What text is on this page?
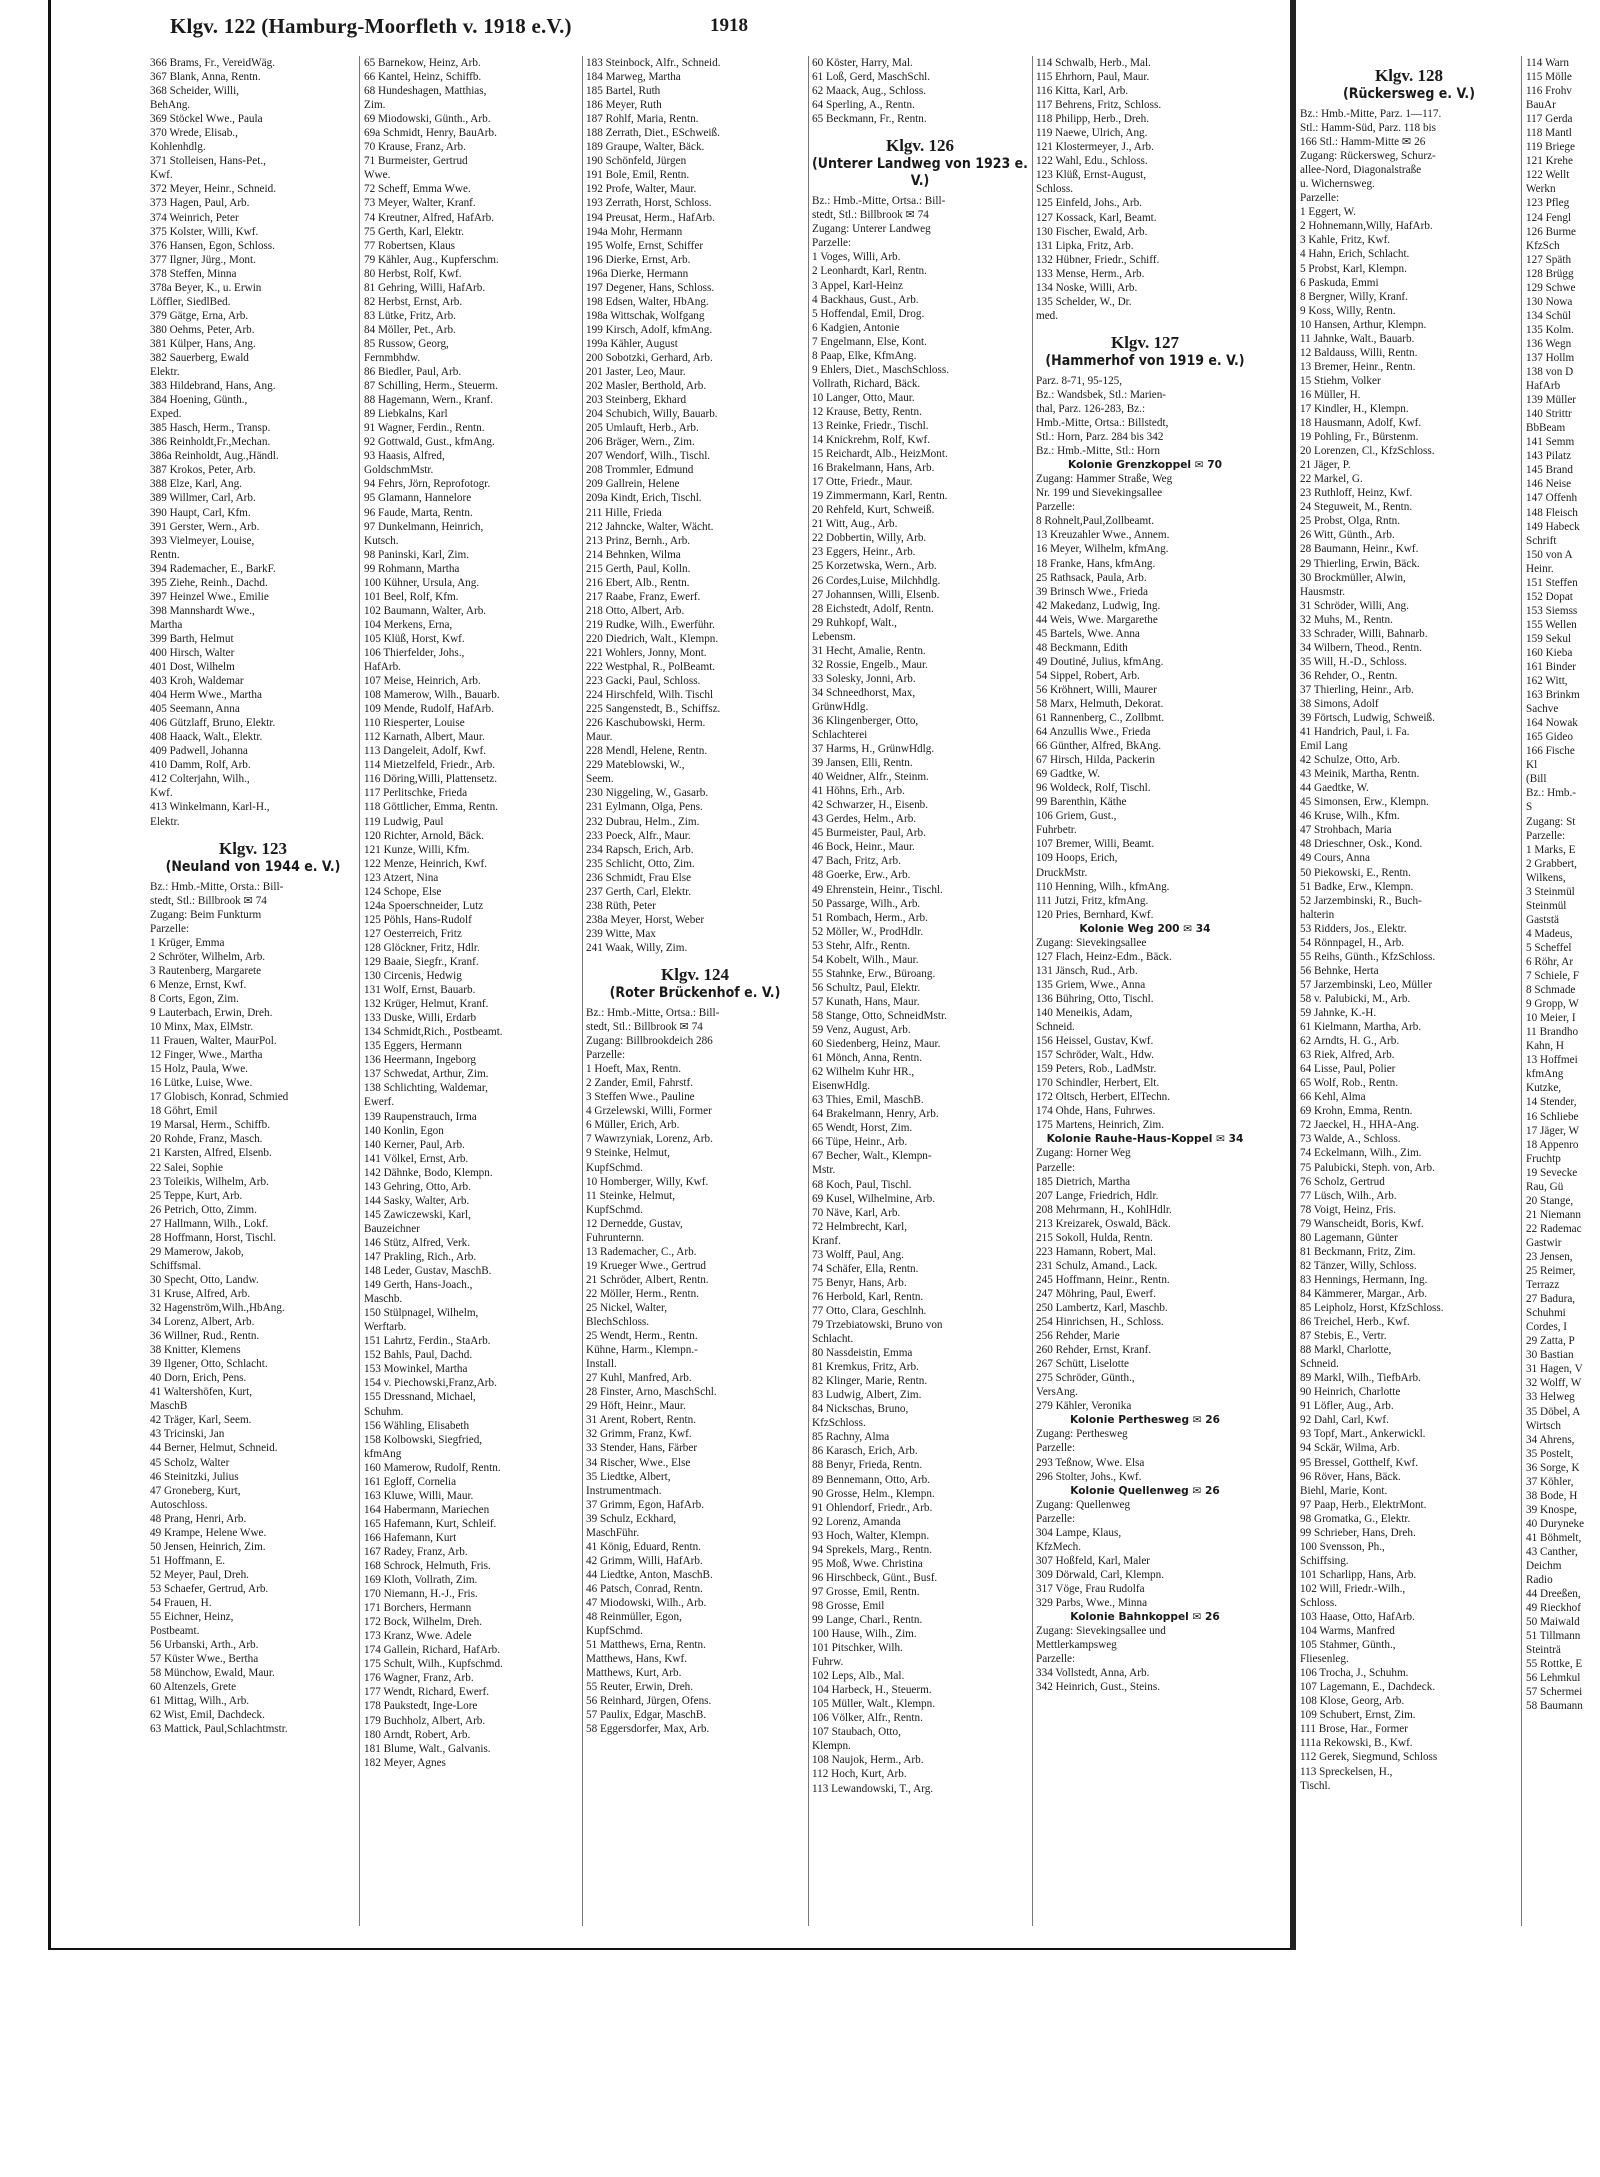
Klgv. 122 (Hamburg-Moorfleth v. 1918 e.V.)	1918
366 Brams, Fr., VereidWäg.
367 Blank, Anna, Rentn.
368 Scheider, Willi,
BehAng.
369 Stöckel Wwe., Paula
370 Wrede, Elisab.,
Kohlenhdlg.
371 Stolleisen, Hans-Pet.,
Kwf.
372 Meyer, Heinr., Schneid.
373 Hagen, Paul, Arb.
374 Weinrich, Peter
375 Kolster, Willi, Kwf.
376 Hansen, Egon, Schloss.
377 Ilgner, Jürg., Mont.
378 Steffen, Minna
378a Beyer, K., u. Erwin
Löffler, SiedlBed.
379 Gätge, Erna, Arb.
380 Oehms, Peter, Arb.
381 Külper, Hans, Ang.
382 Sauerberg, Ewald
Elektr.
383 Hildebrand, Hans, Ang.
384 Hoening, Günth.,
Exped.
385 Hasch, Herm., Transp.
386 Reinholdt,Fr.,Mechan.
386a Reinholdt, Aug.,Händl.
387 Krokos, Peter, Arb.
388 Elze, Karl, Ang.
389 Willmer, Carl, Arb.
390 Haupt, Carl, Kfm.
391 Gerster, Wern., Arb.
393 Vielmeyer, Louise,
Rentn.
394 Rademacher, E., BarkF.
395 Ziehe, Reinh., Dachd.
397 Heinzel Wwe., Emilie
398 Mannshardt Wwe.,
Martha
399 Barth, Helmut
400 Hirsch, Walter
401 Dost, Wilhelm
403 Kroh, Waldemar
404 Herm Wwe., Martha
405 Seemann, Anna
406 Gützlaff, Bruno, Elektr.
408 Haack, Walt., Elektr.
409 Padwell, Johanna
410 Damm, Rolf, Arb.
412 Colterjahn, Wilh.,
Kwf.
413 Winkelmann, Karl-H.,
Elektr.
Klgv. 123
(Neuland von 1944 e. V.)
Bz.: Hmb.-Mitte, Orsta.: Bill-
stedt, Stl.: Billbrook ✉ 74
Zugang: Beim Funkturm
Parzelle:
1 Krüger, Emma
2 Schröter, Wilhelm, Arb.
3 Rautenberg, Margarete
6 Menze, Ernst, Kwf.
8 Corts, Egon, Zim.
9 Lauterbach, Erwin, Dreh.
10 Minx, Max, ElMstr.
11 Frauen, Walter, MaurPol.
12 Finger, Wwe., Martha
15 Holz, Paula, Wwe.
16 Lütke, Luise, Wwe.
17 Globisch, Konrad, Schmied
18 Göhrt, Emil
19 Marsal, Herm., Schiffb.
20 Rohde, Franz, Masch.
21 Karsten, Alfred, Elsenb.
22 Salei, Sophie
23 Toleikis, Wilhelm, Arb.
25 Teppe, Kurt, Arb.
26 Petrich, Otto, Zimm.
27 Hallmann, Wilh., Lokf.
28 Hoffmann, Horst, Tischl.
29 Mamerow, Jakob,
Schiffsmal.
30 Specht, Otto, Landw.
31 Kruse, Alfred, Arb.
32 Hagenström,Wilh.,HbAng.
34 Lorenz, Albert, Arb.
36 Willner, Rud., Rentn.
38 Knitter, Klemens
39 Ilgener, Otto, Schlacht.
40 Dorn, Erich, Pens.
41 Waltershöfen, Kurt,
MaschB
42 Träger, Karl, Seem.
43 Tricinski, Jan
44 Berner, Helmut, Schneid.
45 Scholz, Walter
46 Steinitzki, Julius
47 Groneberg, Kurt,
Autoschloss.
48 Prang, Henri, Arb.
49 Krampe, Helene Wwe.
50 Jensen, Heinrich, Zim.
51 Hoffmann, E.
52 Meyer, Paul, Dreh.
53 Schaefer, Gertrud, Arb.
54 Frauen, H.
55 Eichner, Heinz,
Postbeamt.
56 Urbanski, Arth., Arb.
57 Küster Wwe., Bertha
58 Münchow, Ewald, Maur.
60 Altenzels, Grete
61 Mittag, Wilh., Arb.
62 Wist, Emil, Dachdeck.
63 Mattick, Paul,Schlachtmstr.
65 Barnekow, Heinz, Arb.
66 Kantel, Heinz, Schiffb.
68 Hundeshagen, Matthias,
Zim.
69 Miodowski, Günth., Arb.
69a Schmidt, Henry, BauArb.
70 Krause, Franz, Arb.
71 Burmeister, Gertrud
Wwe.
72 Scheff, Emma Wwe.
73 Meyer, Walter, Kranf.
74 Kreutner, Alfred, HafArb.
75 Gerth, Karl, Elektr.
77 Robertsen, Klaus
79 Kähler, Aug., Kupferschm.
80 Herbst, Rolf, Kwf.
81 Gehring, Willi, HafArb.
82 Herbst, Ernst, Arb.
83 Lütke, Fritz, Arb.
84 Möller, Pet., Arb.
85 Russow, Georg,
Fernmbhdw.
86 Biedler, Paul, Arb.
87 Schilling, Herm., Steuerm.
88 Hagemann, Wern., Kranf.
89 Liebkalns, Karl
91 Wagner, Ferdin., Rentn.
92 Gottwald, Gust., kfmAng.
93 Haasis, Alfred,
GoldschmMstr.
94 Fehrs, Jörn, Reprofotogr.
95 Glamann, Hannelore
96 Faude, Marta, Rentn.
97 Dunkelmann, Heinrich,
Kutsch.
98 Paninski, Karl, Zim.
99 Rohmann, Martha
100 Kühner, Ursula, Ang.
101 Beel, Rolf, Kfm.
102 Baumann, Walter, Arb.
104 Merkens, Erna,
105 Klüß, Horst, Kwf.
106 Thierfelder, Johs.,
HafArb.
107 Meise, Heinrich, Arb.
108 Mamerow, Wilh., Bauarb.
109 Mende, Rudolf, HafArb.
110 Riesperter, Louise
112 Karnath, Albert, Maur.
113 Dangeleit, Adolf, Kwf.
114 Mietzelfeld, Friedr., Arb.
116 Döring,Willi, Plattensetz.
117 Perlitschke, Frieda
118 Göttlicher, Emma, Rentn.
119 Ludwig, Paul
120 Richter, Arnold, Bäck.
121 Kunze, Willi, Kfm.
122 Menze, Heinrich, Kwf.
123 Atzert, Nina
124 Schope, Else
124a Spoerschneider, Lutz
125 Pöhls, Hans-Rudolf
127 Oesterreich, Fritz
128 Glöckner, Fritz, Hdlr.
129 Baaie, Siegfr., Kranf.
130 Circenis, Hedwig
131 Wolf, Ernst, Bauarb.
132 Krüger, Helmut, Kranf.
133 Duske, Willi, Erdarb
134 Schmidt,Rich., Postbeamt.
135 Eggers, Hermann
136 Heermann, Ingeborg
137 Schwedat, Arthur, Zim.
138 Schlichting, Waldemar,
Ewerf.
139 Raupenstrauch, Irma
140 Konlin, Egon
140 Kerner, Paul, Arb.
141 Völkel, Ernst, Arb.
142 Dähnke, Bodo, Klempn.
143 Gehring, Otto, Arb.
144 Sasky, Walter, Arb.
145 Zawiczewski, Karl,
Bauzeichner
146 Stütz, Alfred, Verk.
147 Prakling, Rich., Arb.
148 Leder, Gustav, MaschB.
149 Gerth, Hans-Joach.,
Maschb.
150 Stülpnagel, Wilhelm,
Werftarb.
151 Lahrtz, Ferdin., StaArb.
152 Bahls, Paul, Dachd.
153 Mowinkel, Martha
154 v. Piechowski,Franz,Arb.
155 Dressnand, Michael,
Schuhm.
156 Wähling, Elisabeth
158 Kolbowski, Siegfried,
kfmAng
160 Mamerow, Rudolf, Rentn.
161 Egloff, Cornelia
163 Kluwe, Willi, Maur.
164 Habermann, Mariechen
165 Hafemann, Kurt, Schleif.
166 Hafemann, Kurt
167 Radey, Franz, Arb.
168 Schrock, Helmuth, Fris.
169 Kloth, Vollrath, Zim.
170 Niemann, H.-J., Fris.
171 Borchers, Hermann
172 Bock, Wilhelm, Dreh.
173 Kranz, Wwe. Adele
174 Gallein, Richard, HafArb.
175 Schult, Wilh., Kupfschmd.
176 Wagner, Franz, Arb.
177 Wendt, Richard, Ewerf.
178 Paukstedt, Inge-Lore
179 Buchholz, Albert, Arb.
180 Arndt, Robert, Arb.
181 Blume, Walt., Galvanis.
182 Meyer, Agnes
183 Steinbock, Alfr., Schneid.
184 Marweg, Martha
185 Bartel, Ruth
186 Meyer, Ruth
187 Rohlf, Maria, Rentn.
188 Zerrath, Diet., ESchweiß.
189 Graupe, Walter, Bäck.
190 Schönfeld, Jürgen
191 Bole, Emil, Rentn.
192 Profe, Walter, Maur.
193 Zerrath, Horst, Schloss.
194 Preusat, Herm., HafArb.
194a Mohr, Hermann
195 Wolfe, Ernst, Schiffer
196 Dierke, Ernst, Arb.
196a Dierke, Hermann
197 Degener, Hans, Schloss.
198 Edsen, Walter, HbAng.
198a Wittschak, Wolfgang
199 Kirsch, Adolf, kfmAng.
199a Kähler, August
200 Sobotzki, Gerhard, Arb.
201 Jaster, Leo, Maur.
202 Masler, Berthold, Arb.
203 Steinberg, Ekhard
204 Schubich, Willy, Bauarb.
205 Umlauft, Herb., Arb.
206 Bräger, Wern., Zim.
207 Wendorf, Wilh., Tischl.
208 Trommler, Edmund
209 Gallrein, Helene
209a Kindt, Erich, Tischl.
211 Hille, Frieda
212 Jahncke, Walter, Wächt.
213 Prinz, Bernh., Arb.
214 Behnken, Wilma
215 Gerth, Paul, Kolln.
216 Ebert, Alb., Rentn.
217 Raabe, Franz, Ewerf.
218 Otto, Albert, Arb.
219 Rudke, Wilh., Ewerführ.
220 Diedrich, Walt., Klempn.
221 Wohlers, Jonny, Mont.
222 Westphal, R., PolBeamt.
223 Gacki, Paul, Schloss.
224 Hirschfeld, Wilh. Tischl
225 Sangenstedt, B., Schiffsz.
226 Kaschubowski, Herm.
Maur.
228 Mendl, Helene, Rentn.
229 Mateblowski, W.,
Seem.
230 Niggeling, W., Gasarb.
231 Eylmann, Olga, Pens.
232 Dubrau, Helm., Zim.
233 Poeck, Alfr., Maur.
234 Rapsch, Erich, Arb.
235 Schlicht, Otto, Zim.
236 Schmidt, Frau Else
237 Gerth, Carl, Elektr.
238 Rüth, Peter
238a Meyer, Horst, Weber
239 Witte, Max
241 Waak, Willy, Zim.
Klgv. 124
(Roter Brückenhof e. V.)
Bz.: Hmb.-Mitte, Ortsa.: Bill-
stedt, Stl.: Billbrook ✉ 74
Zugang: Billbrookdeich 286
Parzelle:
1 Hoeft, Max, Rentn.
2 Zander, Emil, Fahrstf.
3 Steffen Wwe., Pauline
4 Grzelewski, Willi, Former
6 Müller, Erich, Arb.
7 Wawrzyniak, Lorenz, Arb.
9 Steinke, Helmut,
KupfSchmd.
10 Homberger, Willy, Kwf.
11 Steinke, Helmut,
KupfSchmd.
12 Derneddе, Gustav,
Fuhrunternn.
13 Rademacher, C., Arb.
19 Krueger Wwe., Gertrud
21 Schröder, Albert, Rentn.
22 Möller, Herm., Rentn.
25 Nickel, Walter,
BlechSchloss.
25 Wendt, Herm., Rentn.
Kühne, Harm., Klempn.-
Install.
27 Kuhl, Manfred, Arb.
28 Finster, Arno, MaschSchl.
29 Höft, Heinr., Maur.
31 Arent, Robert, Rentn.
32 Grimm, Franz, Kwf.
33 Stender, Hans, Färber
34 Rischer, Wwe., Else
35 Liedtke, Albert,
Instrumentmach.
37 Grimm, Egon, HafArb.
39 Schulz, Eckhard,
MaschFühr.
41 König, Eduard, Rentn.
42 Grimm, Willi, HafArb.
44 Liedtke, Anton, MaschB.
46 Patsch, Conrad, Rentn.
47 Miodowski, Wilh., Arb.
48 Reinmüller, Egon,
KupfSchmd.
51 Matthews, Erna, Rentn.
Matthews, Hans, Kwf.
Matthews, Kurt, Arb.
55 Reuter, Erwin, Dreh.
56 Reinhard, Jürgen, Ofens.
57 Paulix, Edgar, MaschB.
58 Eggersdorfer, Max, Arb.
60 Köster, Harry, Mal.
61 Loß, Gerd, MaschSchl.
62 Maack, Aug., Schloss.
64 Sperling, A., Rentn.
65 Beckmann, Fr., Rentn.
Klgv. 126
(Unterer Landweg von 1923 e. V.)
Bz.: Hmb.-Mitte, Ortsa.: Bill-
stedt, Stl.: Billbrook ✉ 74
Zugang: Unterer Landweg
Parzelle:
1 Voges, Willi, Arb.
2 Leonhardt, Karl, Rentn.
3 Appel, Karl-Heinz
4 Backhaus, Gust., Arb.
5 Hoffendal, Emil, Drog.
6 Kadgien, Antonie
7 Engelmann, Else, Kont.
8 Paap, Elke, KfmAng.
9 Ehlers, Diet., MaschSchloss.
Vollrath, Richard, Bäck.
10 Langer, Otto, Maur.
12 Krause, Betty, Rentn.
13 Reinke, Friedr., Tischl.
14 Knickrehm, Rolf, Kwf.
15 Reichardt, Alb., HeizMont.
16 Brakelmann, Hans, Arb.
17 Otte, Friedr., Maur.
19 Zimmermann, Karl, Rentn.
20 Rehfeld, Kurt, Schweiß.
21 Witt, Aug., Arb.
22 Dobbertin, Willy, Arb.
23 Eggers, Heinr., Arb.
25 Korzetwska, Wern., Arb.
26 Cordes,Luise, Milchhdlg.
27 Johannsen, Willi, Elsenb.
28 Eichstedt, Adolf, Rentn.
29 Ruhkopf, Walt.,
Lebensm.
31 Hecht, Amalie, Rentn.
32 Rossie, Engelb., Maur.
33 Solesky, Jonni, Arb.
34 Schneedhorst, Max,
GrünwHdlg.
36 Klingenberger, Otto,
Schlachterei
37 Harms, H., GrünwHdlg.
39 Jansen, Elli, Rentn.
40 Weidner, Alfr., Steinm.
41 Höhns, Erh., Arb.
42 Schwarzer, H., Eisenb.
43 Gerdes, Helm., Arb.
45 Burmeister, Paul, Arb.
46 Bock, Heinr., Maur.
47 Bach, Fritz, Arb.
48 Goerke, Erw., Arb.
49 Ehrenstein, Heinr., Tischl.
50 Passarge, Wilh., Arb.
51 Rombach, Herm., Arb.
52 Möller, W., ProdHdlr.
53 Stehr, Alfr., Rentn.
54 Kobelt, Wilh., Maur.
55 Stahnke, Erw., Büroang.
56 Schultz, Paul, Elektr.
57 Kunath, Hans, Maur.
58 Stange, Otto, SchneidMstr.
59 Venz, August, Arb.
60 Siedenberg, Heinz, Maur.
61 Mönch, Anna, Rentn.
62 Wilhelm Kuhr HR.,
EisenwHdlg.
63 Thies, Emil, MaschB.
64 Brakelmann, Henry, Arb.
65 Wendt, Horst, Zim.
66 Tüpe, Heinr., Arb.
67 Becher, Walt., Klempn-
Mstr.
68 Koch, Paul, Tischl.
69 Kusel, Wilhelmine, Arb.
70 Nävе, Karl, Arb.
72 Helmbrecht, Karl,
Kranf.
73 Wolff, Paul, Ang.
74 Schäfer, Ella, Rentn.
75 Benyr, Hans, Arb.
76 Herbold, Karl, Rentn.
77 Otto, Clara, Geschlnh.
79 Trzebiatowski, Bruno von
Schlacht.
80 Nassdeistin, Emma
81 Kremkus, Fritz, Arb.
82 Klinger, Marie, Rentn.
83 Ludwig, Albert, Zim.
84 Nickschas, Bruno,
KfzSchloss.
85 Rachny, Alma
86 Karasch, Erich, Arb.
88 Benyr, Frieda, Rentn.
89 Bennemann, Otto, Arb.
90 Grosse, Helm., Klempn.
91 Ohlendorf, Friedr., Arb.
92 Lorenz, Amanda
93 Hoch, Walter, Klempn.
94 Sprekels, Marg., Rentn.
95 Moß, Wwe. Christina
96 Hirschbeck, Günt., Busf.
97 Grosse, Emil, Rentn.
98 Grosse, Emil
99 Lange, Charl., Rentn.
100 Hause, Wilh., Zim.
101 Pitschker, Wilh.
Fuhrw.
102 Leps, Alb., Mal.
104 Harbeck, H., Steuerm.
105 Müller, Walt., Klempn.
106 Völker, Alfr., Rentn.
107 Staubach, Otto,
Klempn.
108 Naujok, Herm., Arb.
112 Hoch, Kurt, Arb.
113 Lewandowski, T., Arg.
114 Schwalb, Herb., Mal.
115 Ehrhorn, Paul, Maur.
116 Kitta, Karl, Arb.
117 Behrens, Fritz, Schloss.
118 Philipp, Herb., Dreh.
119 Naewe, Ulrich, Ang.
121 Klostermeyer, J., Arb.
122 Wahl, Edu., Schloss.
123 Klüß, Ernst-August,
Schloss.
125 Einfeld, Johs., Arb.
127 Kossack, Karl, Beamt.
130 Fischer, Ewald, Arb.
131 Lipka, Fritz, Arb.
132 Hübner, Friedr., Schiff.
133 Mense, Herm., Arb.
134 Noske, Willi, Arb.
135 Schelder, W., Dr.
med.
Klgv. 127
(Hammerhof von 1919 e. V.)
Parz. 8-71, 95-125,
Bz.: Wandsbek, Stl.: Marien-
thal, Parz. 126-283, Bz.:
Hmb.-Mitte, Ortsa.: Billstedt,
Stl.: Horn, Parz. 284 bis 342
Bz.: Hmb.-Mitte, Stl.: Horn
Kolonie Grenzkoppel ✉ 70
Zugang: Hammer Straße, Weg
Nr. 199 und Sievekingsallee
Parzelle:
8 Rohnelt,Paul,Zollbeamt.
13 Kreuzahler Wwe., Annem.
16 Meyer, Wilhelm, kfmAng.
18 Franke, Hans, kfmAng.
25 Rathsack, Paula, Arb.
39 Brinsch Wwe., Frieda
42 Makedanz, Ludwig, Ing.
44 Weis, Wwe. Margarethe
45 Bartels, Wwe. Anna
48 Beckmann, Edith
49 Doutiné, Julius, kfmAng.
54 Sippel, Robert, Arb.
56 Kröhnert, Willi, Maurer
58 Marx, Helmuth, Dekorat.
61 Rannenberg, C., Zollbmt.
64 Anzullis Wwe., Frieda
66 Günther, Alfred, BkAng.
67 Hirsch, Hilda, Packerin
69 Gadtke, W.
96 Woldeck, Rolf, Tischl.
99 Barenthin, Käthe
106 Griem, Gust.,
Fuhrbetr.
107 Bremer, Willi, Beamt.
109 Hoops, Erich,
DruckMstr.
110 Henning, Wilh., kfmAng.
111 Jutzi, Fritz, kfmAng.
120 Pries, Bernhard, Kwf.
Kolonie Weg 200 ✉ 34
Zugang: Sievekingsallee
127 Flach, Heinz-Edm., Bäck.
131 Jänsch, Rud., Arb.
135 Griem, Wwe., Anna
136 Bühring, Otto, Tischl.
140 Meneikis, Adam,
Schneid.
156 Heissel, Gustav, Kwf.
157 Schröder, Walt., Hdw.
159 Peters, Rob., LadMstr.
170 Schindler, Herbert, Elt.
172 Oltsch, Herbert, ElTechn.
174 Ohde, Hans, Fuhrwes.
175 Martens, Heinrich, Zim.
Kolonie Rauhe-Haus-Koppel ✉ 34
Zugang: Horner Weg
Parzelle:
185 Dietrich, Martha
207 Lange, Friedrich, Hdlr.
208 Mehrmann, H., KohlHdlr.
213 Kreizarek, Oswald, Bäck.
215 Sokoll, Hulda, Rentn.
223 Hamann, Robert, Mal.
231 Schulz, Amand., Lack.
245 Hoffmann, Heinr., Rentn.
247 Möhring, Paul, Ewerf.
250 Lambertz, Karl, Maschb.
254 Hinrichsen, H., Schloss.
256 Rehder, Marie
260 Rehder, Ernst, Kranf.
267 Schütt, Liselotte
275 Schröder, Günth.,
VersAng.
279 Kähler, Veronika
Kolonie Perthesweg ✉ 26
Zugang: Perthesweg
Parzelle:
293 Teßnow, Wwe. Elsa
296 Stolter, Johs., Kwf.
Kolonie Quellenweg ✉ 26
Zugang: Quellenweg
Parzelle:
304 Lampe, Klaus,
KfzMech.
307 Hoßfeld, Karl, Maler
309 Dörwald, Carl, Klempn.
317 Vöge, Frau Rudolfa
329 Parbs, Wwe., Minna
Kolonie Bahnkoppel ✉ 26
Zugang: Sievekingsallee und
Mettlerkampsweg
Parzelle:
334 Vollstedt, Anna, Arb.
342 Heinrich, Gust., Steins.
Klgv. 128
(Rückersweg e. V.)
Bz.: Hmb.-Mitte, Parz. 1—117.
Stl.: Hamm-Süd, Parz. 118 bis
166 Stl.: Hamm-Mitte ✉ 26
Zugang: Rückersweg, Schurz-
allee-Nord, Diagonalstraße
u. Wichernsweg.
Parzelle:
1 Eggert, W.
2 Hohnemann,Willy, HafArb.
3 Kahle, Fritz, Kwf.
4 Hahn, Erich, Schlacht.
5 Probst, Karl, Klempn.
6 Paskuda, Emmi
8 Bergner, Willy, Kranf.
9 Koss, Willy, Rentn.
10 Hansen, Arthur, Klempn.
11 Jahnke, Walt., Bauarb.
12 Baldauss, Willi, Rentn.
13 Bremer, Heinr., Rentn.
15 Stiehm, Volker
16 Müller, H.
17 Kindler, H., Klempn.
18 Hausmann, Adolf, Kwf.
19 Pohling, Fr., Bürstenm.
20 Lorenzen, Cl., KfzSchloss.
21 Jäger, P.
22 Markel, G.
23 Ruthloff, Heinz, Kwf.
24 Steguweit, M., Rentn.
25 Probst, Olga, Rntn.
26 Witt, Günth., Arb.
28 Baumann, Heinr., Kwf.
29 Thierling, Erwin, Bäck.
30 Brockmüller, Alwin,
Hausmstr.
31 Schröder, Willi, Ang.
32 Muhs, M., Rentn.
33 Schrader, Willi, Bahnarb.
34 Wilbern, Theod., Rentn.
35 Will, H.-D., Schloss.
36 Rehder, O., Rentn.
37 Thierling, Heinr., Arb.
38 Simons, Adolf
39 Förtsch, Ludwig, Schweiß.
41 Handrich, Paul, i. Fa.
Emil Lang
42 Schulze, Otto, Arb.
43 Meinik, Martha, Rentn.
44 Gaedtke, W.
45 Simonsen, Erw., Klempn.
46 Kruse, Wilh., Kfm.
47 Strohbach, Maria
48 Driesсhner, Osk., Kond.
49 Cours, Anna
50 Piekowski, E., Rentn.
51 Badke, Erw., Klempn.
52 Jarzembinski, R., Buch-
halterin
53 Ridders, Jos., Elektr.
54 Rönnpagel, H., Arb.
55 Reihs, Günth., KfzSchloss.
56 Behnke, Herta
57 Jarzembinski, Leo, Müller
58 v. Palubicki, M., Arb.
59 Jahnke, K.-H.
61 Kielmann, Martha, Arb.
62 Arndts, H. G., Arb.
63 Riek, Alfred, Arb.
64 Lisse, Paul, Polier
65 Wolf, Rob., Rentn.
66 Kehl, Alma
69 Krohn, Emma, Rentn.
72 Jaeckel, H., HHA-Ang.
73 Walde, A., Schloss.
74 Eckelmann, Wilh., Zim.
75 Palubicki, Steph. von, Arb.
76 Scholz, Gertrud
77 Lüsch, Wilh., Arb.
78 Voigt, Heinz, Fris.
79 Wanscheidt, Boris, Kwf.
80 Lagemann, Günter
81 Beckmann, Fritz, Zim.
82 Tänzer, Willy, Schloss.
83 Hennings, Hermann, Ing.
84 Kämmerer, Margar., Arb.
85 Leipholz, Horst, KfzSchloss.
86 Treichel, Herb., Kwf.
87 Stebis, E., Vertr.
88 Markl, Charlotte,
Schneid.
89 Markl, Wilh., TiefbArb.
90 Heinrich, Charlotte
91 Löfler, Aug., Arb.
92 Dahl, Carl, Kwf.
93 Topf, Mart., Ankerwickl.
94 Sckär, Wilma, Arb.
95 Bressel, Gotthelf, Kwf.
96 Röver, Hans, Bäck.
Biehl, Marie, Kont.
97 Paap, Herb., ElektrMont.
98 Gromatka, G., Elektr.
99 Schrieber, Hans, Dreh.
100 Svensson, Ph.,
Schiffsing.
101 Scharlipp, Hans, Arb.
102 Will, Friedr.-Wilh.,
Schloss.
103 Haase, Otto, HafArb.
104 Warms, Manfred
105 Stahmer, Günth.,
Fliesenleg.
106 Trocha, J., Schuhm.
107 Lagemann, E., Dachdeck.
108 Klose, Georg, Arb.
109 Schubert, Ernst, Zim.
111 Brose, Har., Former
111a Rekowski, B., Kwf.
112 Gerek, Siegmund, Schloss
113 Spreckelsen, H.,
Tischl.
114 Warn
115 Mölle
116 Frohv
BauAr
117 Gerda
118 Mantl
119 Briege
121 Krehe
122 Wellt
Werkn
123 Pfleg
124 Fengl
126 Burme
KfzSch
127 Späth
128 Brügg
129 Schwe
130 Nowa
134 Schül
135 Kolm.
136 Wegn
137 Hollm
138 von D
HafArb
139 Müller
140 Strittr
BbBeam
141 Semm
143 Pilatz
145 Brand
146 Neise
147 Offenh
148 Fleisch
149 Habeck
Schrift
150 von A
Heinr.
151 Steffen
152 Dopat
153 Siemss
155 Wellen
159 Sekul
160 Kieba
161 Binder
162 Witt,
163 Brinkm
Sachve
164 Nowak
165 Gideo
166 Fische
Kl
(Bill
Bz.: Hmb.-
S
Zugang: St
Parzelle:
1 Marks, E
2 Grabbert,
Wilkens,
3 Steinmül
Steinmül
Gaststä
4 Madeus,
5 Scheffel
6 Röhr, Ar
7 Schiele, F
8 Schmade
9 Gropp, W
10 Meier, I
11 Brandho
Kahn, H
13 Hoffmei
kfmAng
Kutzke,
14 Stender,
16 Schliebe
17 Jäger, W
18 Appenro
Fruchtp
19 Sevecke
Rau, Gü
20 Stange,
21 Niemann
22 Rademac
Gastwir
23 Jensen,
25 Reimer,
Terrazz
27 Badura,
Schuhmi
Cordes, I
29 Zatta, P
30 Bastian
31 Hagen, V
32 Wolff, W
33 Helweg
35 Döbel, A
Wirtsch
34 Ahrens,
35 Postelt,
36 Sorge, K
37 Köhler,
38 Bode, H
39 Knospe,
40 Duryneke
41 Böhmelt,
43 Canther,
Deichm
Radio
44 Dreeßen,
49 Rieckhof
50 Maiwald
51 Tillmann
Steinträ
55 Rottke, E
56 Lehmkul
57 Schermei
58 Baumann
